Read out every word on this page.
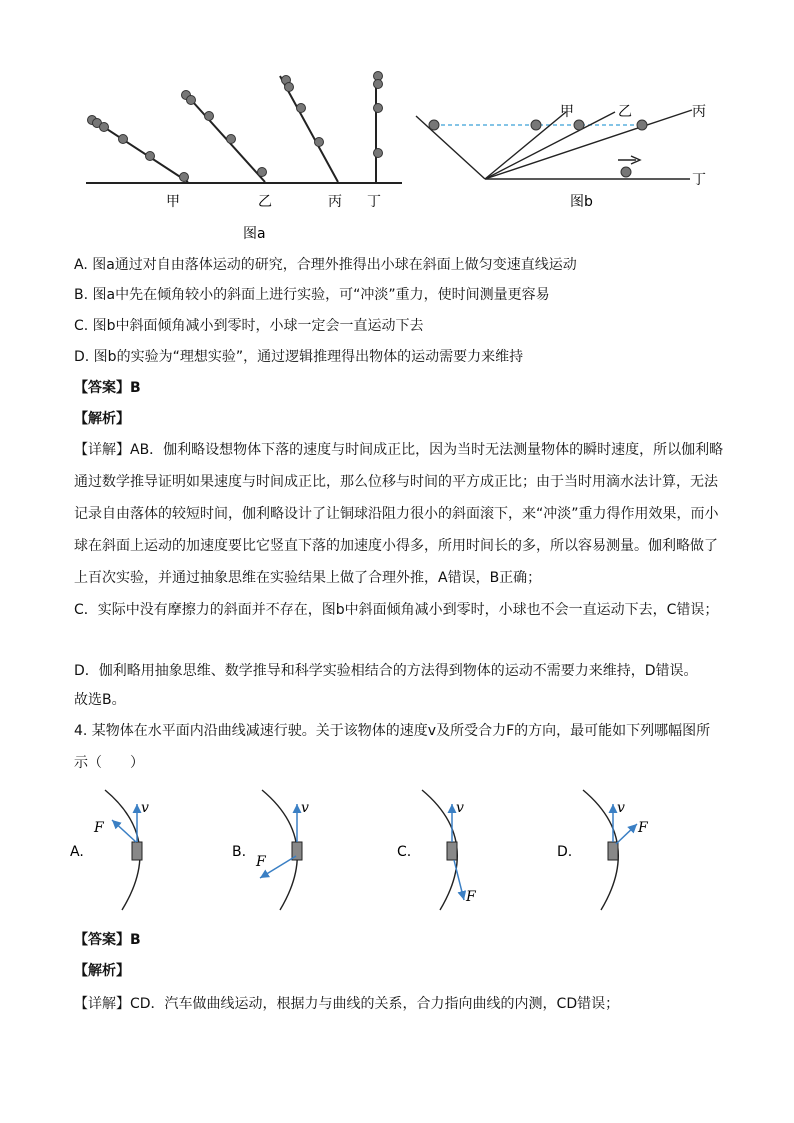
甲	乙	丙 丁
图a
甲	乙	丙
丁
图b
A. 图a通过对自由落体运动的研究，合理外推得出小球在斜面上做匀变速直线运动
B. 图a中先在倾角较小的斜面上进行实验，可“冲淡”重力，使时间测量更容易
C. 图b中斜面倾角减小到零时，小球一定会一直运动下去
D. 图b的实验为“理想实验”，通过逻辑推理得出物体的运动需要力来维持
【答案】B
【解析】
【详解】AB．伽利略设想物体下落的速度与时间成正比，因为当时无法测量物体的瞬时速度，所以伽利略通过数学推导证明如果速度与时间成正比，那么位移与时间的平方成正比；由于当时用滴水法计算，无法记录自由落体的较短时间，伽利略设计了让铜球沿阻力很小的斜面滚下，来“冲淡”重力得作用效果，而小球在斜面上运动的加速度要比它竖直下落的加速度小得多，所用时间长的多，所以容易测量。伽利略做了上百次实验，并通过抽象思维在实验结果上做了合理外推，A错误，B正确；
C．实际中没有摩擦力的斜面并不存在，图b中斜面倾角减小到零时，小球也不会一直运动下去，C错误；
D．伽利略用抽象思维、数学推导和科学实验相结合的方法得到物体的运动不需要力来维持，D错误。
故选B。
4. 某物体在水平面内沿曲线减速行驶。关于该物体的速度v及所受合力F的方向，最可能如下列哪幅图所示（　　）
A.
v
F
B.
v
F
C.
v
F
D.
v
F
【答案】B
【解析】
【详解】CD．汽车做曲线运动，根据力与曲线的关系，合力指向曲线的内测，CD错误；
